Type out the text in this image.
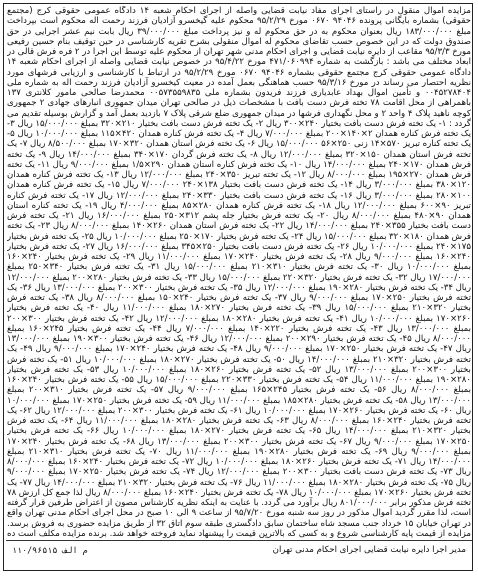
مزایده اموال منقول در راستای اجرای مفاد نیابت قضایی واصله از اجرای احکام شعبه ۱۴ دادگاه عمومی حقوقی کرج (مجتمع حقوقی) بشماره بایگانی پرونده ۹۴۰۴۶ ۰۶۷۰ مورخ ۹۵/۲/۲۹ محکوم علیه گیخسرو آزادیان فرزند رحمت اله محکوم است بپرداخت مبلغ ۱۸۳/۰۰۰/۰۰۰ ریال بعنوان محکوم به در حق محکوم له و نیز پرداخت مبلغ ۳۹/۰۰۰/۰۰۰ ریال بابت نیم عشر اجرایی در حق صندوق دولت که در این خصوص حسب تقاضای محکوم له اموال منقولی بشرح تقریه کارشناسی در حین توقیف بنام حسین رفیعی مورخ ۹۵/۳/۳ مقاعب از دایره نیابت قضایی و اجرای احکام مدنی شهر تهران از محکوم علیه توسط این اجرا در ۲ فره فرش قالی در ابعاد مختلف می باشد : بازگشت به شماره ۴۷۱/۰۶۰۹۹۴ مورخ ۹۵/۴/۲۲ در خصوص نیابت قضایی واصله از اجرای احکام شعبه ۱۴ دادگاه عمومی حقوقی کرج مجتمع حقوقی بشماره ۹۴۰۴۶ ۰۶۷۰ مورخ ۹۵/۲/۲۹ در ارتباط با کارشناسی و ارزیابی فرشهای مورد نظریه احتصار می رساند در مورخ ۹۵/۳/۱۶ حسب هماهنگی بعمل آمده در معیت کیخسرو آزادیان فرزند رحمت اله به شماره ملی ۰۰۴۵۲۷۸۴۰۴ و تأمین اموال بهداد عابدیاری فرزند فریدون بشماره ملی ۰۰۵۷۳۵۵۹۸۳۵ محمدرضا صالحی مامور کلانتری ۱۳۷ باهمراهی از محل اقامت ۷۸ تخته فرش دست بافت با مشخصات ذیل در صالحی تهران میدان جمهوری انبارهای جهادی ۲ جمهوری کوچه ناهید پلاک ۴ واحد ۲ و محل نگهداری فرشها در میدان جمهوری ضلع شرقی پلاک ۷ بازدید بعمل آمد و گزارش بوسیله تقدیم می گردد : ۱- یک تخته فرش دست بافت بختیار ۲۴۰×۳۰۰ ریال ۲- یک تخته فرش دست بافت بختیار ۲۱۰×۳۲۰ بمبلغ ۱۵/۰۰۰/۰۰۰ ریال ۳- یک تخته فرش کناره همدان ۲×۱۴۰×۲۰۰ بمبلغ ۷/۰۰۰/۰۰۰ ریال ۴- یک تخته فرش کناره همدان ۴۲۰×۱۱۵ بمبلغ ۱۰/۰۰۰/۰۰۰ ریال ۵- یک تخته کناره تبریز ۵۷۰×۱۴ زنی ۲۵۰×۵۶ ۱۵/۰۰۰/۰۰۰ ریال ۶- یک تخته فرش استان همدان ۳۲۰×۱۷۰ بمبلغ ۸/۵۰۰/۰۰۰ ریال ۷- یک تخته فرش استان همدان ۱۵۰×۳۲۰ بمبلغ ۱۲/۰۰۰/۰۰۰ ریال ۸- یک تخته فرش گردان ۱۷۰×۳۴۰ بمبلغ ۱۴/۰۰۰/۰۰۰ ریال ۹- یک تخته فرش همدان ۱۷۰×۲۴۰ بمبلغ ۱۴/۰۰۰/۰۰۰ ریال ۱۰- یک تخته فرش کناره استان همدان ۲۹۰×۱/۵ بمبلغ ۹/۰۰۰/۰۰۰ ریال ۱۱- یک تخته فرش همدان ۲۷۰×۱۹۵ بمبلغ ۸/۰۰۰/۰۰۰ ریال ۱۲- یک تخته تبریز ۳۵۰×۲۴۰ بمبلغ ۱۲/۰۰۰/۰۰۰ ریال ۱۳- یک تخته فرش کناره همدان ۱۲۰×۳۸۰ بمبلغ ۳/۰۰۰/۰۰۰ ریال ۱۴- یک تخته فرش دست بافت بختیار ۱۳۸×۲۴۰ ۷/۰۰۰/۰۰۰ ریال ۱۵- یک تخته فرش کناره همدان ۱۰۰×۲۸۰ بمبلغ ۳/۰۰۰/۰۰۰ ریال ۱۶- یک تخته فرش دست بافت بختیار ۳۳۰×۲۴۰ بمبلغ ۱۲/۰۰۰/۰۰۰ ریال ۱۷- یک تخته فرش کناره تبریز ۹۰×۶۰۰ بمبلغ ۱۲/۰۰۰/۰۰۰ ریال ۱۸- یک تخته فرش کناره همدان ۲۸۰×۸۵ بمبلغ ۴/۰۰۰/۰۰۰ ریال ۱۹- یک تخته کناره استان همدان ۹۰×۴۸۰ بمبلغ ۸/۰۰۰/۰۰۰ ریال ۲۰- یک تخته فرش بختیار جله پشم ۳۱۲×۲۵۰ بمبلغ ۱۶/۰۰۰/۰۰۰ ریال ۲۱- یک تخته فرش دست بافت بختیار ۳۵۵×۲۴۰ بمبلغ ۱۴/۰۰۰/۰۰۰ ریال ۲۲- یک تخته فرش استان همدان ۲۶۰×۱۴۰ بمبلغ ۸/۰۰۰/۰۰۰ ریال ۲۳- یک تخته فرش همدان ۱۸۰×۳۲۰ بمبلغ ۱۵/۰۰۰/۰۰۰ ریال ۲۴- یک تخته فرش بختیار ۱۷۰×۲۵۰ بمبلغ ۱۰/۰۰۰/۰۰۰ ریال ۲۵- یک تخته فرش بختیار ۱۷۵×۲۴۰ بمبلغ ۱۰/۰۰۰/۰۰۰ ریال ۲۶- یک تخته فرش دست بافت بختیار ۲۵۰×۳۴۵ بمبلغ ۱۶/۰۰۰/۰۰۰ ریال ۲۷- یک تخته فرش بختیار ۲۴۰×۱۶۰ بمبلغ ۹/۰۰۰/۰۰۰ ریال ۲۸- یک تخته فرش بختیار ۲۴۰×۱۷۰ بمبلغ ۱۱/۰۰۰/۰۰۰ ریال ۲۹- یک تخته فرش بختیار ۲۴۰×۱۶۰ بمبلغ ۱۰/۰۰۰/۰۰۰ ریال ۳۰- یک تخته فرش بختیار ۳۱۰×۲۱۰ بمبلغ ۱۵/۰۰۰/۰۰۰ ریال ۳۱- یک تخته فرش بختیار ۳۴۰×۲۵۰ بمبلغ ۱۷/۰۰۰/۰۰۰ ریال ۳۲- یک تخته فرش بختیار ۳۲۰×۲۲۰ بمبلغ ۱۵/۰۰۰/۰۰۰ ریال ۳۳- یک تخته فرش بختیار ۲۸۰×۲۰۰ بمبلغ ۱۲/۰۰۰/۰۰۰ ریال ۳۴- یک تخته فرش بختیار ۲۸۰×۱۹۰ بمبلغ ۱۲/۰۰۰/۰۰۰ ریال ۳۵- یک تخته فرش بختیار ۳۰۰×۲۰۰ بمبلغ ۱۳/۰۰۰/۰۰۰ ریال ۳۶- یک تخته فرش بختیار ۲۵۰×۱۷۰ بمبلغ ۹/۰۰۰/۰۰۰ ریال ۳۷- یک تخته فرش بختیار ۲۴۰×۱۵۰ بمبلغ ۸/۰۰۰/۰۰۰ ریال ۳۸- یک تخته فرش بختیار ۳۲۰×۲۱۰ بمبلغ ۱۵/۰۰۰/۰۰۰ ریال ۳۹- یک تخته فرش بختیار ۲۷۰×۱۸۰ بمبلغ ۱۱/۰۰۰/۰۰۰ ریال ۴۰- یک تخته فرش بختیار ۲۶۰×۱۷۰ بمبلغ ۱۰/۰۰۰/۰۰۰ ریال ۴۱- یک تخته فرش بختیار ۲۸۰×۱۸۰ بمبلغ ۱۲/۰۰۰/۰۰۰ ریال ۴۲- یک تخته فرش بختیار ۳۰۰×۲۰۰ بمبلغ ۱۳/۰۰۰/۰۰۰ ریال ۴۳- یک تخته فرش بختیار ۲۲۰×۱۴۰ بمبلغ ۷/۰۰۰/۰۰۰ ریال ۴۴- یک تخته فرش بختیار ۲۴۵×۱۶۰ بمبلغ ۸/۰۰۰/۰۰۰ ریال ۴۵- یک تخته فرش بختیار ۲۹۰×۲۰۰ بمبلغ ۱۲/۰۰۰/۰۰۰ ریال ۴۶- یک تخته فرش بختیار ۳۰۰×۱۹۰ بمبلغ ۱۳/۰۰۰/۰۰۰ ریال ۴۷- یک تخته فرش بختیار ۲۵۰×۱۷۰ بمبلغ ۹/۰۰۰/۰۰۰ ریال ۴۸- یک تخته فرش بختیار ۲۴۰×۱۷۰ بمبلغ ۹/۰۰۰/۰۰۰ ریال ۴۹- یک تخته فرش بختیار ۳۲۰×۲۱۰ بمبلغ ۱۴/۰۰۰/۰۰۰ ریال ۵۰- یک تخته فرش بختیار ۲۷۰×۱۸۰ بمبلغ ۱۰/۰۰۰/۰۰۰ ریال ۵۱- یک تخته فرش بختیار ۳۰۰×۲۰۰ بمبلغ ۱۳/۰۰۰/۰۰۰ ریال ۵۲- یک تخته فرش بختیار ۲۶۰×۱۸۰ بمبلغ ۱۰/۰۰۰/۰۰۰ ریال ۵۳- یک تخته فرش بختیار ۲۸۰×۱۹۰ بمبلغ ۱۱/۰۰۰/۰۰۰ ریال ۵۴- یک تخته فرش بختیار ۳۳۰×۲۲۰ بمبلغ ۱۵/۰۰۰/۰۰۰ ریال ۵۵- یک تخته فرش بختیار ۲۴۰×۱۶۰ بمبلغ ۸/۰۰۰/۰۰۰ ریال ۵۶- یک تخته فرش بختیار ۲۴۵×۱۶۵ بمبلغ ۹/۰۰۰/۰۰۰ ریال ۵۷- یک تخته فرش بختیار ۳۱۰×۲۰۰ بمبلغ ۱۳/۰۰۰/۰۰۰ ریال ۵۸- یک تخته فرش بختیار ۲۸۰×۱۸۵ بمبلغ ۱۱/۰۰۰/۰۰۰ ریال ۵۹- یک تخته فرش بختیار ۲۵۰×۱۷۰ بمبلغ ۱۰/۰۰۰/۰۰۰ ریال ۶۰- یک تخته فرش بختیار ۲۶۰×۱۷۰ بمبلغ ۱۰/۰۰۰/۰۰۰ ریال ۶۱- یک تخته فرش بختیار ۳۰۰×۲۰۰ بمبلغ ۱۲/۰۰۰/۰۰۰ ریال ۶۲- یک تخته فرش بختیار ۲۴۰×۱۶۰ بمبلغ ۸/۰۰۰/۰۰۰ ریال ۶۳- یک تخته فرش بختیار ۲۸۰×۱۸۰ بمبلغ ۱۱/۰۰۰/۰۰۰ ریال ۶۴- یک تخته فرش بختیار ۳۲۰×۲۱۰ بمبلغ ۱۴/۰۰۰/۰۰۰ ریال ۶۵- یک تخته فرش بختیار ۲۷۰×۱۸۰ بمبلغ ۱۰/۰۰۰/۰۰۰ ریال ۶۶- یک تخته فرش بختیار ۲۵۰×۱۷۰ بمبلغ ۹/۰۰۰/۰۰۰ ریال ۶۷- یک تخته فرش بختیار ۳۰۰×۲۰۰ بمبلغ ۱۳/۰۰۰/۰۰۰ ریال ۶۸- یک تخته فرش بختیار ۲۴۰×۱۷۰ بمبلغ ۹/۰۰۰/۰۰۰ ریال ۶۹- یک تخته فرش بختیار ۲۸۰×۱۹۰ بمبلغ ۱۱/۰۰۰/۰۰۰ ریال ۷۰- یک تخته فرش بختیار ۳۱۰×۲۱۰ بمبلغ ۱۴/۰۰۰/۰۰۰ ریال ۷۱- یک تخته فرش بختیار ۲۶۰×۱۸۰ بمبلغ ۱۰/۰۰۰/۰۰۰ ریال ۷۲- یک تخته فرش بختیار ۲۴۰×۱۶۰ بمبلغ ۸/۰۰۰/۰۰۰ ریال ۷۳- یک تخته فرش دست بافت بختیار ۳۰۰×۲۰۰ بمبلغ ۱۲/۰۰۰/۰۰۰ ریال ۷۴- یک تخته فرش بختیار ۲۵۰×۱۷۰ بمبلغ ۹/۰۰۰/۰۰۰ ریال ۷۵- یک تخته فرش بختیار ۲۸۰×۱۸۰ بمبلغ ۱۱/۰۰۰/۰۰۰ ریال ۷۶- یک تخته فرش بختیار ۳۲۰×۲۱۰ بمبلغ ۱۴/۰۰۰/۰۰۰ ریال ۷۷- یک تخته فرش بختیار ۲۶۰×۱۷۰ بمبلغ ۱۰/۰۰۰/۰۰۰ ریال ۷۸- یک تخته فرش بختیار ۲۴۰×۱۶۰ بمبلغ ۸/۰۰۰/۰۰۰ ریال لذا جمع کل ارزش ۷۸ تخته فرش مذکور برابر ۸۰۱/۰۰۰/۰۰۰ ریال برآورد می گردد. با عنایت به اینکه نظریه کارشناس مصون از اعتراض طرفین قرار گرفته است، لذا مقرر گردید اموال مذکور در روز سه شنبه مورخ ۹۵/۷/۲۰ از ساعت ۹ الی ۱۰ صبح در محل اجرای احکام مدنی تهران واقع در تهران خیابان ۱۵ خرداد جنب مسجد شاه ساختمان سابق دادگستری طبقه سوم اتاق ۳۲ از طریق مزایده حضوری به فروش برسد. مزایده از قیمت پایه کارشناسی شروع و به کسی که بالاترین قیمت را پیشنهاد نماید فروخته خواهد شد. برنده مزایده مکلف است ده
مدیر اجرا دایره نیابت قضایی اجرای احکام مدنی تهران
۱۱۰/۹۶۵۱۵ م الف
